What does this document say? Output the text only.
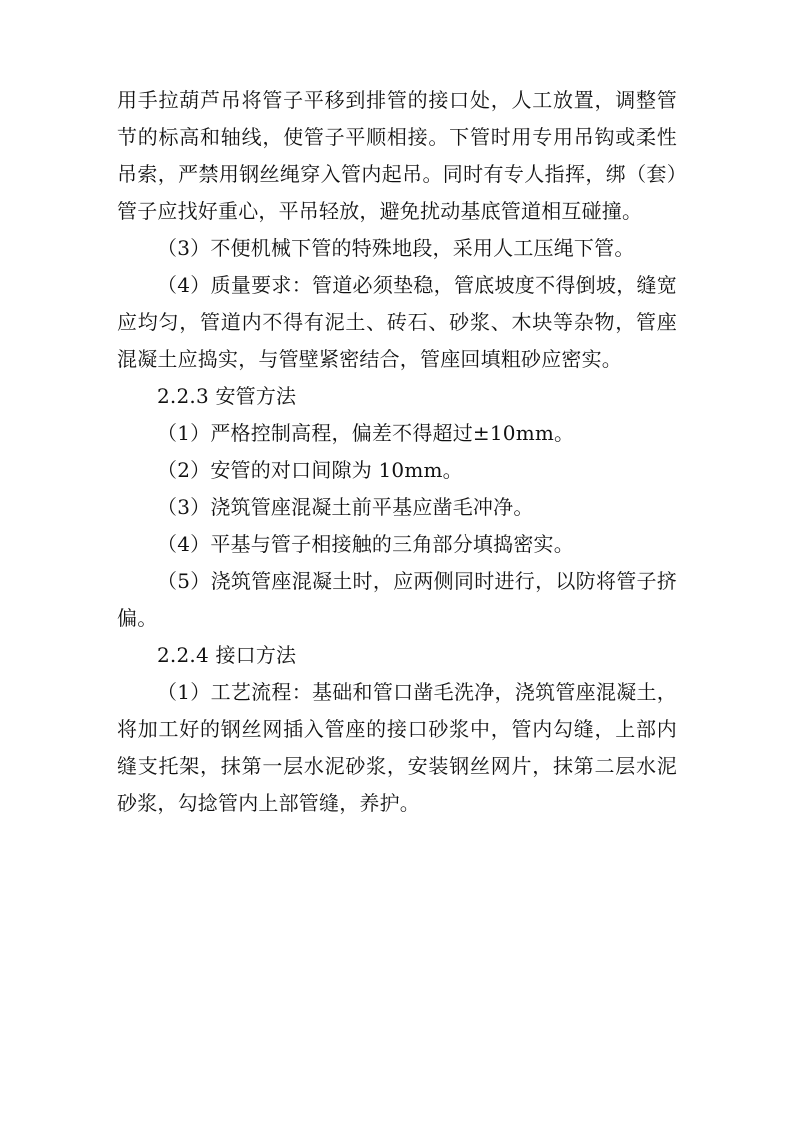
用手拉葫芦吊将管子平移到排管的接口处，人工放置，调整管节的标高和轴线，使管子平顺相接。下管时用专用吊钩或柔性吊索，严禁用钢丝绳穿入管内起吊。同时有专人指挥，绑（套）管子应找好重心，平吊轻放，避免扰动基底管道相互碰撞。

（3）不便机械下管的特殊地段，采用人工压绳下管。

（4）质量要求：管道必须垫稳，管底坡度不得倒坡，缝宽应均匀，管道内不得有泥土、砖石、砂浆、木块等杂物，管座混凝土应捣实，与管壁紧密结合，管座回填粗砂应密实。

2.2.3 安管方法

（1）严格控制高程，偏差不得超过±10mm。

（2）安管的对口间隙为 10mm。

（3）浇筑管座混凝土前平基应凿毛冲净。

（4）平基与管子相接触的三角部分填捣密实。

（5）浇筑管座混凝土时，应两侧同时进行，以防将管子挤偏。

2.2.4 接口方法

（1）工艺流程：基础和管口凿毛洗净，浇筑管座混凝土，将加工好的钢丝网插入管座的接口砂浆中，管内勾缝，上部内缝支托架，抹第一层水泥砂浆，安装钢丝网片，抹第二层水泥砂浆，勾捻管内上部管缝，养护。
